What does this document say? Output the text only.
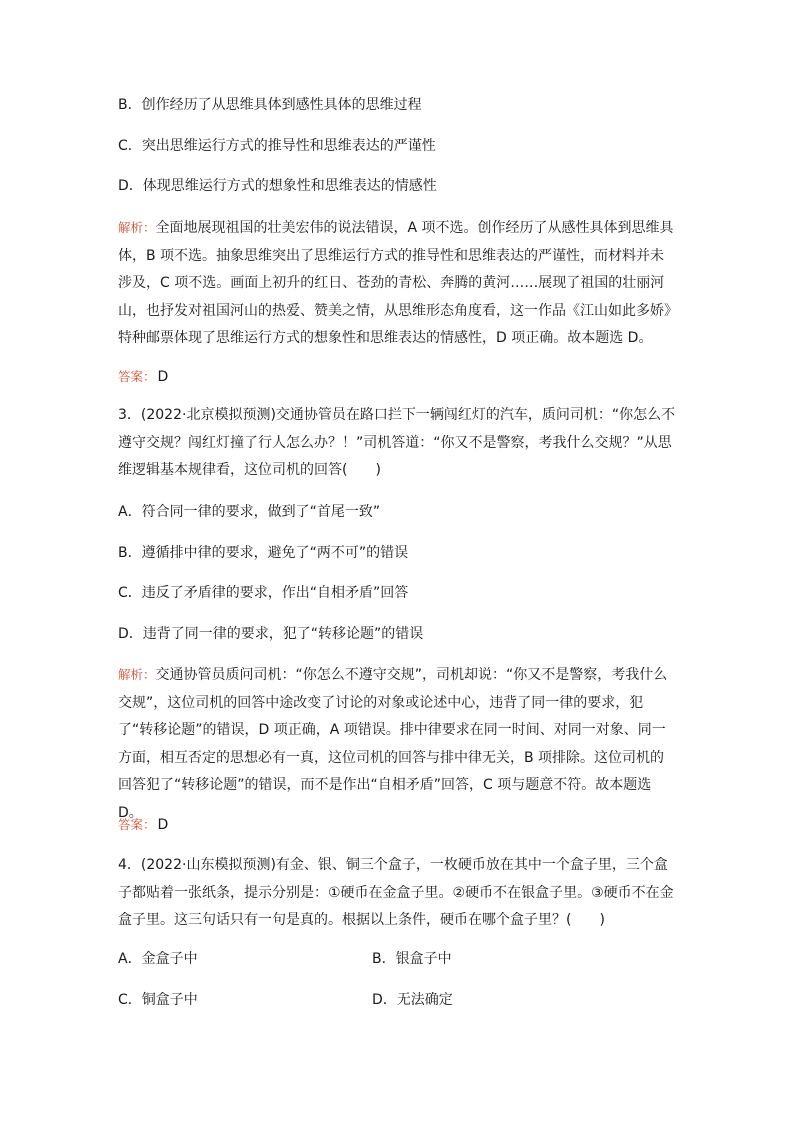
B．创作经历了从思维具体到感性具体的思维过程
C．突出思维运行方式的推导性和思维表达的严谨性
D．体现思维运行方式的想象性和思维表达的情感性
解析：全面地展现祖国的壮美宏伟的说法错误，A 项不选。创作经历了从感性具体到思维具体，B 项不选。抽象思维突出了思维运行方式的推导性和思维表达的严谨性，而材料并未涉及，C 项不选。画面上初升的红日、苍劲的青松、奔腾的黄河……展现了祖国的壮丽河山，也抒发对祖国河山的热爱、赞美之情，从思维形态角度看，这一作品《江山如此多娇》特种邮票体现了思维运行方式的想象性和思维表达的情感性，D 项正确。故本题选 D。
答案： D
3．(2022·北京模拟预测)交通协管员在路口拦下一辆闯红灯的汽车，质问司机：“你怎么不遵守交规？闯红灯撞了行人怎么办？！”司机答道：“你又不是警察，考我什么交规？”从思维逻辑基本规律看，这位司机的回答(　　)
A．符合同一律的要求，做到了“首尾一致”
B．遵循排中律的要求，避免了“两不可”的错误
C．违反了矛盾律的要求，作出“自相矛盾”回答
D．违背了同一律的要求，犯了“转移论题”的错误
解析：交通协管员质问司机：“你怎么不遵守交规”，司机却说：“你又不是警察，考我什么交规”，这位司机的回答中途改变了讨论的对象或论述中心，违背了同一律的要求，犯了“转移论题”的错误，D 项正确，A 项错误。排中律要求在同一时间、对同一对象、同一方面，相互否定的思想必有一真，这位司机的回答与排中律无关，B 项排除。这位司机的回答犯了“转移论题”的错误，而不是作出“自相矛盾”回答，C 项与题意不符。故本题选 D。
答案： D
4．(2022·山东模拟预测)有金、银、铜三个盒子，一枚硬币放在其中一个盒子里，三个盒子都贴着一张纸条，提示分别是：①硬币在金盒子里。②硬币不在银盒子里。③硬币不在金盒子里。这三句话只有一句是真的。根据以上条件，硬币在哪个盒子里？(　　)
A．金盒子中	B．银盒子中
C．铜盒子中	D．无法确定
